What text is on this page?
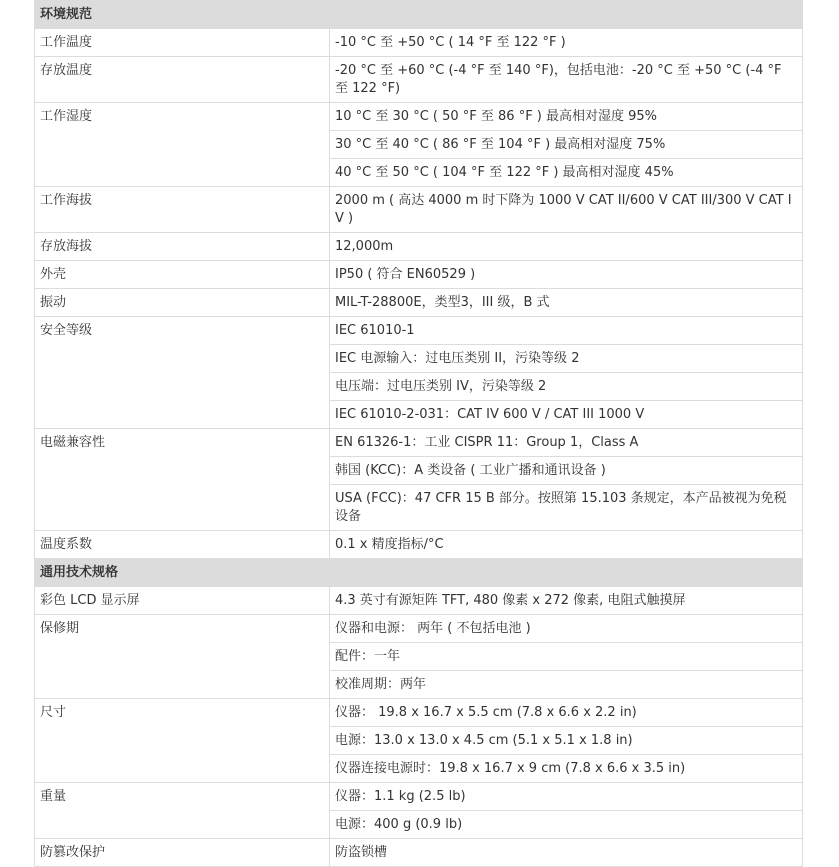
环境规范	
工作温度	-10 °C 至 +50 °C ( 14 °F 至 122 °F )
存放温度	-20 °C 至 +60 °C (-4 °F 至 140 °F)，包括电池：-20 °C 至 +50 °C (-4 °F 至 122 °F)
工作湿度	10 °C 至 30 °C ( 50 °F 至 86 °F ) 最高相对湿度 95%
	30 °C 至 40 °C ( 86 °F 至 104 °F ) 最高相对湿度 75%
	40 °C 至 50 °C ( 104 °F 至 122 °F ) 最高相对湿度 45%
工作海拔	2000 m ( 高达 4000 m 时下降为 1000 V CAT II/600 V CAT III/300 V CAT IV )
存放海拔	12,000m
外壳	IP50 ( 符合 EN60529 )
振动	MIL-T-28800E，类型3，III 级，B 式
安全等级	IEC 61010-1
	IEC 电源输入：过电压类别 II，污染等级 2
	电压端：过电压类别 IV，污染等级 2
	IEC 61010-2-031：CAT IV 600 V / CAT III 1000 V
电磁兼容性	EN 61326-1：工业 CISPR 11：Group 1，Class A
	韩国 (KCC)：A 类设备 ( 工业广播和通讯设备 )
	USA (FCC)：47 CFR 15 B 部分。按照第 15.103 条规定，本产品被视为免税设备
温度系数	0.1 x 精度指标/°C
通用技术规格	
彩色 LCD 显示屏	4.3 英寸有源矩阵 TFT, 480 像素 x 272 像素, 电阻式触摸屏
保修期	仪器和电源： 两年 ( 不包括电池 )
	配件：一年
	校准周期：两年
尺寸	仪器： 19.8 x 16.7 x 5.5 cm (7.8 x 6.6 x 2.2 in)
	电源：13.0 x 13.0 x 4.5 cm (5.1 x 5.1 x 1.8 in)
	仪器连接电源时：19.8 x 16.7 x 9 cm (7.8 x 6.6 x 3.5 in)
重量	仪器：1.1 kg (2.5 lb)
	电源：400 g (0.9 lb)
防篡改保护	防盗锁槽
